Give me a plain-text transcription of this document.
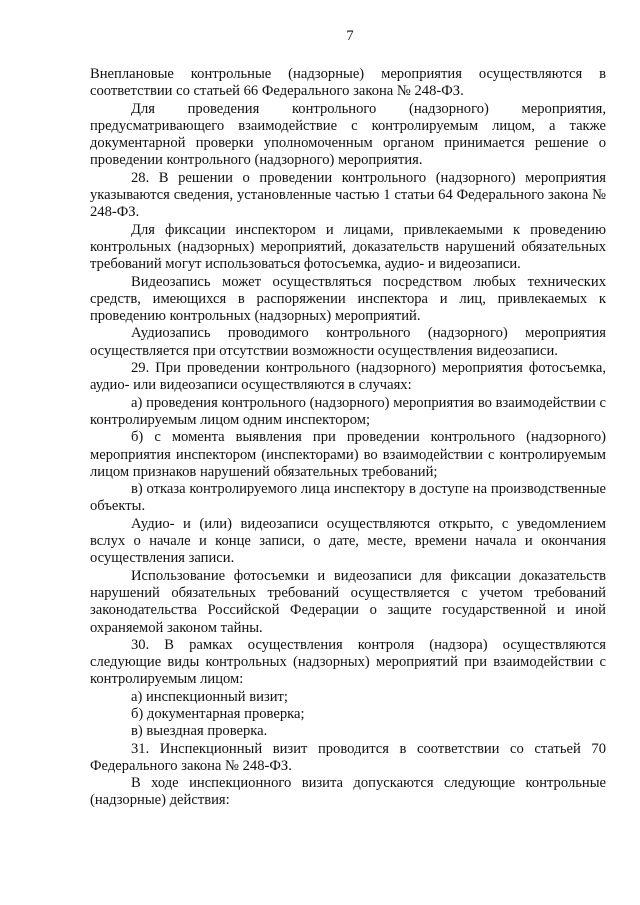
7

Внеплановые контрольные (надзорные) мероприятия осуществляются в соответствии со статьей 66 Федерального закона № 248-ФЗ.

Для проведения контрольного (надзорного) мероприятия, предусматривающего взаимодействие с контролируемым лицом, а также документарной проверки уполномоченным органом принимается решение о проведении контрольного (надзорного) мероприятия.

28. В решении о проведении контрольного (надзорного) мероприятия указываются сведения, установленные частью 1 статьи 64 Федерального закона № 248-ФЗ.

Для фиксации инспектором и лицами, привлекаемыми к проведению контрольных (надзорных) мероприятий, доказательств нарушений обязательных требований могут использоваться фотосъемка, аудио- и видеозаписи.

Видеозапись может осуществляться посредством любых технических средств, имеющихся в распоряжении инспектора и лиц, привлекаемых к проведению контрольных (надзорных) мероприятий.

Аудиозапись проводимого контрольного (надзорного) мероприятия осуществляется при отсутствии возможности осуществления видеозаписи.

29. При проведении контрольного (надзорного) мероприятия фотосъемка, аудио- или видеозаписи осуществляются в случаях:

а) проведения контрольного (надзорного) мероприятия во взаимодействии с контролируемым лицом одним инспектором;

б) с момента выявления при проведении контрольного (надзорного) мероприятия инспектором (инспекторами) во взаимодействии с контролируемым лицом признаков нарушений обязательных требований;

в) отказа контролируемого лица инспектору в доступе на производственные объекты.

Аудио- и (или) видеозаписи осуществляются открыто, с уведомлением вслух о начале и конце записи, о дате, месте, времени начала и окончания осуществления записи.

Использование фотосъемки и видеозаписи для фиксации доказательств нарушений обязательных требований осуществляется с учетом требований законодательства Российской Федерации о защите государственной и иной охраняемой законом тайны.

30. В рамках осуществления контроля (надзора) осуществляются следующие виды контрольных (надзорных) мероприятий при взаимодействии с контролируемым лицом:

а) инспекционный визит;

б) документарная проверка;

в) выездная проверка.

31. Инспекционный визит проводится в соответствии со статьей 70 Федерального закона № 248-ФЗ.

В ходе инспекционного визита допускаются следующие контрольные (надзорные) действия:
